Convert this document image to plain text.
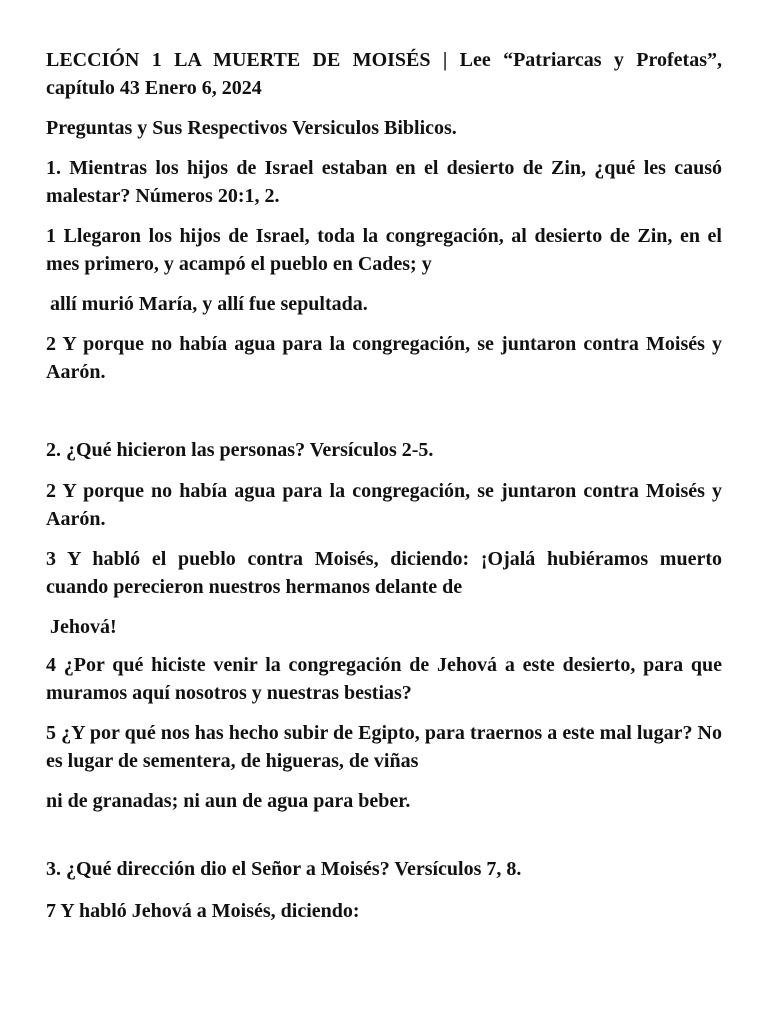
LECCIÓN 1 LA MUERTE DE MOISÉS | Lee “Patriarcas y Profetas”, capítulo 43 Enero 6, 2024

Preguntas y Sus Respectivos Versiculos Biblicos.

1. Mientras los hijos de Israel estaban en el desierto de Zin, ¿qué les causó malestar? Números 20:1, 2.

1 Llegaron los hijos de Israel, toda la congregación, al desierto de Zin, en el mes primero, y acampó el pueblo en Cades; y

allí murió María, y allí fue sepultada.

2 Y porque no había agua para la congregación, se juntaron contra Moisés y Aarón.

2. ¿Qué hicieron las personas? Versículos 2-5.

2 Y porque no había agua para la congregación, se juntaron contra Moisés y Aarón.

3 Y habló el pueblo contra Moisés, diciendo: ¡Ojalá hubiéramos muerto cuando perecieron nuestros hermanos delante de

Jehová!

4 ¿Por qué hiciste venir la congregación de Jehová a este desierto, para que muramos aquí nosotros y nuestras bestias?

5 ¿Y por qué nos has hecho subir de Egipto, para traernos a este mal lugar? No es lugar de sementera, de higueras, de viñas

ni de granadas; ni aun de agua para beber.

3. ¿Qué dirección dio el Señor a Moisés? Versículos 7, 8.

7 Y habló Jehová a Moisés, diciendo:
